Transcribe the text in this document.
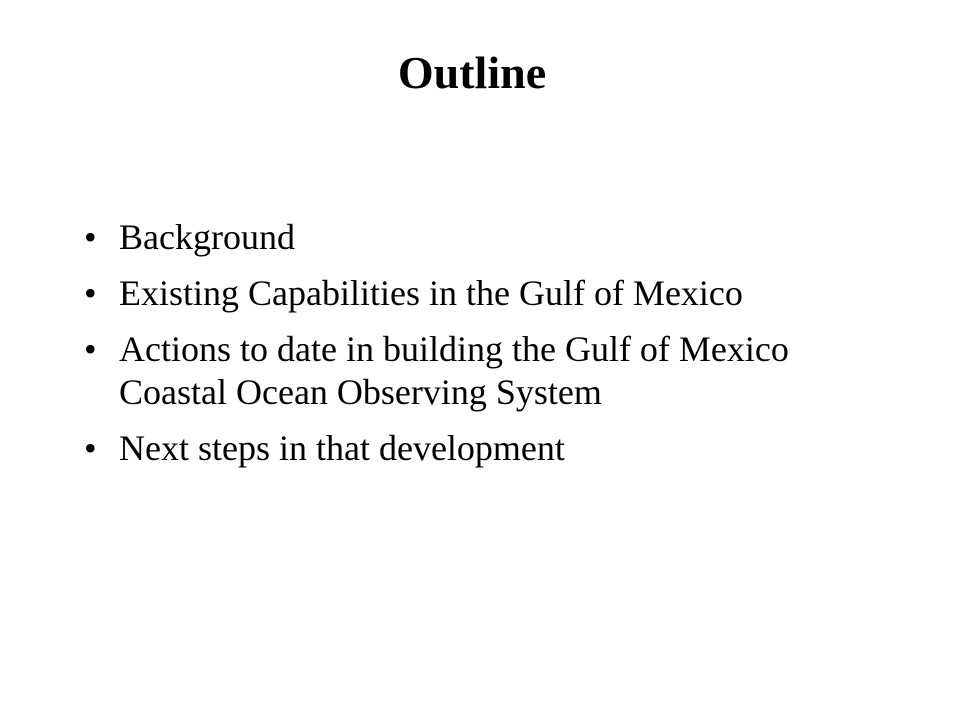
Outline
• Background
• Existing Capabilities in the Gulf of Mexico
• Actions to date in building the Gulf of Mexico Coastal Ocean Observing System
• Next steps in that development
